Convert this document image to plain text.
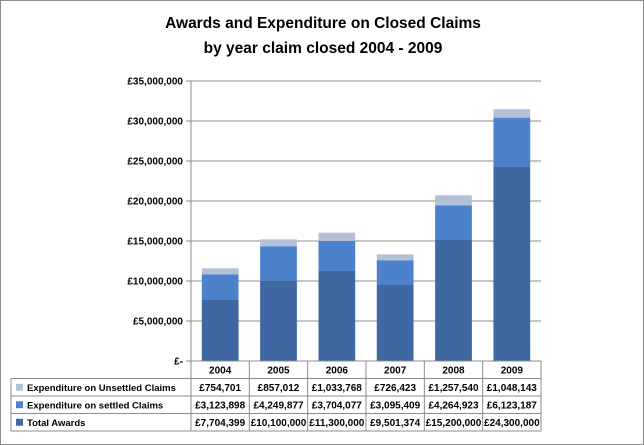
Awards and Expenditure on Closed Claims
by year claim closed 2004 - 2009
£-
£5,000,000
£10,000,000
£15,000,000
£20,000,000
£25,000,000
£30,000,000
£35,000,000
2004	2005	2006	2007	2008	2009
Expenditure on Unsettled Claims £754,701 £857,012 £1,033,768 £726,423 £1,257,540 £1,048,143
Expenditure on settled Claims	£3,123,898 £4,249,877 £3,704,077 £3,095,409 £4,264,923 £6,123,187
Total Awards	£7,704,399 £10,100,000 £11,300,000 £9,501,374 £15,200,000 £24,300,000
